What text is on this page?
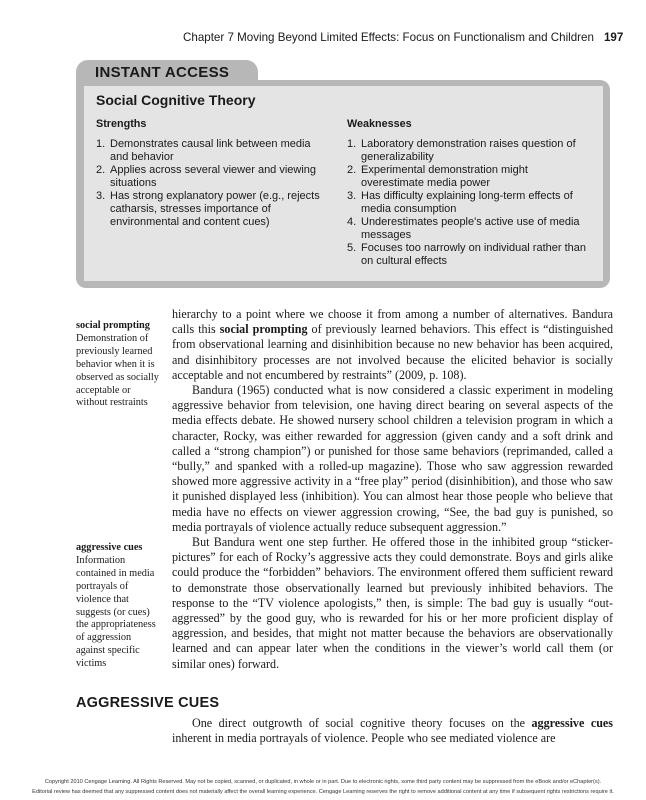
Chapter 7 Moving Beyond Limited Effects: Focus on Functionalism and Children 197
INSTANT ACCESS
Social Cognitive Theory
Strengths	Weaknesses
1. Demonstrates causal link between media and behavior
2. Applies across several viewer and viewing situations
3. Has strong explanatory power (e.g., rejects catharsis, stresses importance of environmental and content cues)
1. Laboratory demonstration raises question of generalizability
2. Experimental demonstration might overestimate media power
3. Has difficulty explaining long-term effects of media consumption
4. Underestimates people's active use of media messages
5. Focuses too narrowly on individual rather than on cultural effects
social prompting
Demonstration of previously learned behavior when it is observed as socially acceptable or without restraints
aggressive cues
Information contained in media portrayals of violence that suggests (or cues) the appropriateness of aggression against specific victims

hierarchy to a point where we choose it from among a number of alternatives. Bandura calls this social prompting of previously learned behaviors. This effect is “distinguished from observational learning and disinhibition because no new behavior has been acquired, and disinhibitory processes are not involved because the elicited behavior is socially acceptable and not encumbered by restraints” (2009, p. 108).

Bandura (1965) conducted what is now considered a classic experiment in modeling aggressive behavior from television, one having direct bearing on several aspects of the media effects debate. He showed nursery school children a television program in which a character, Rocky, was either rewarded for aggression (given candy and a soft drink and called a “strong champion”) or punished for those same behaviors (reprimanded, called a “bully,” and spanked with a rolled-up magazine). Those who saw aggression rewarded showed more aggressive activity in a “free play” period (disinhibition), and those who saw it punished displayed less (inhibition). You can almost hear those people who believe that media have no effects on viewer aggression crowing, “See, the bad guy is punished, so media portrayals of violence actually reduce subsequent aggression.”

But Bandura went one step further. He offered those in the inhibited group “sticker-pictures” for each of Rocky’s aggressive acts they could demonstrate. Boys and girls alike could produce the “forbidden” behaviors. The environment offered them sufficient reward to demonstrate those observationally learned but previously inhibited behaviors. The response to the “TV violence apologists,” then, is simple: The bad guy is usually “out-aggressed” by the good guy, who is rewarded for his or her more proficient display of aggression, and besides, that might not matter because the behaviors are observationally learned and can appear later when the conditions in the viewer’s world call them (or similar ones) forward.

AGGRESSIVE CUES

One direct outgrowth of social cognitive theory focuses on the aggressive cues inherent in media portrayals of violence. People who see mediated violence are

Copyright 2010 Cengage Learning. All Rights Reserved. May not be copied, scanned, or duplicated, in whole or in part. Due to electronic rights, some third party content may be suppressed from the eBook and/or eChapter(s).
Editorial review has deemed that any suppressed content does not materially affect the overall learning experience. Cengage Learning reserves the right to remove additional content at any time if subsequent rights restrictions require it.
